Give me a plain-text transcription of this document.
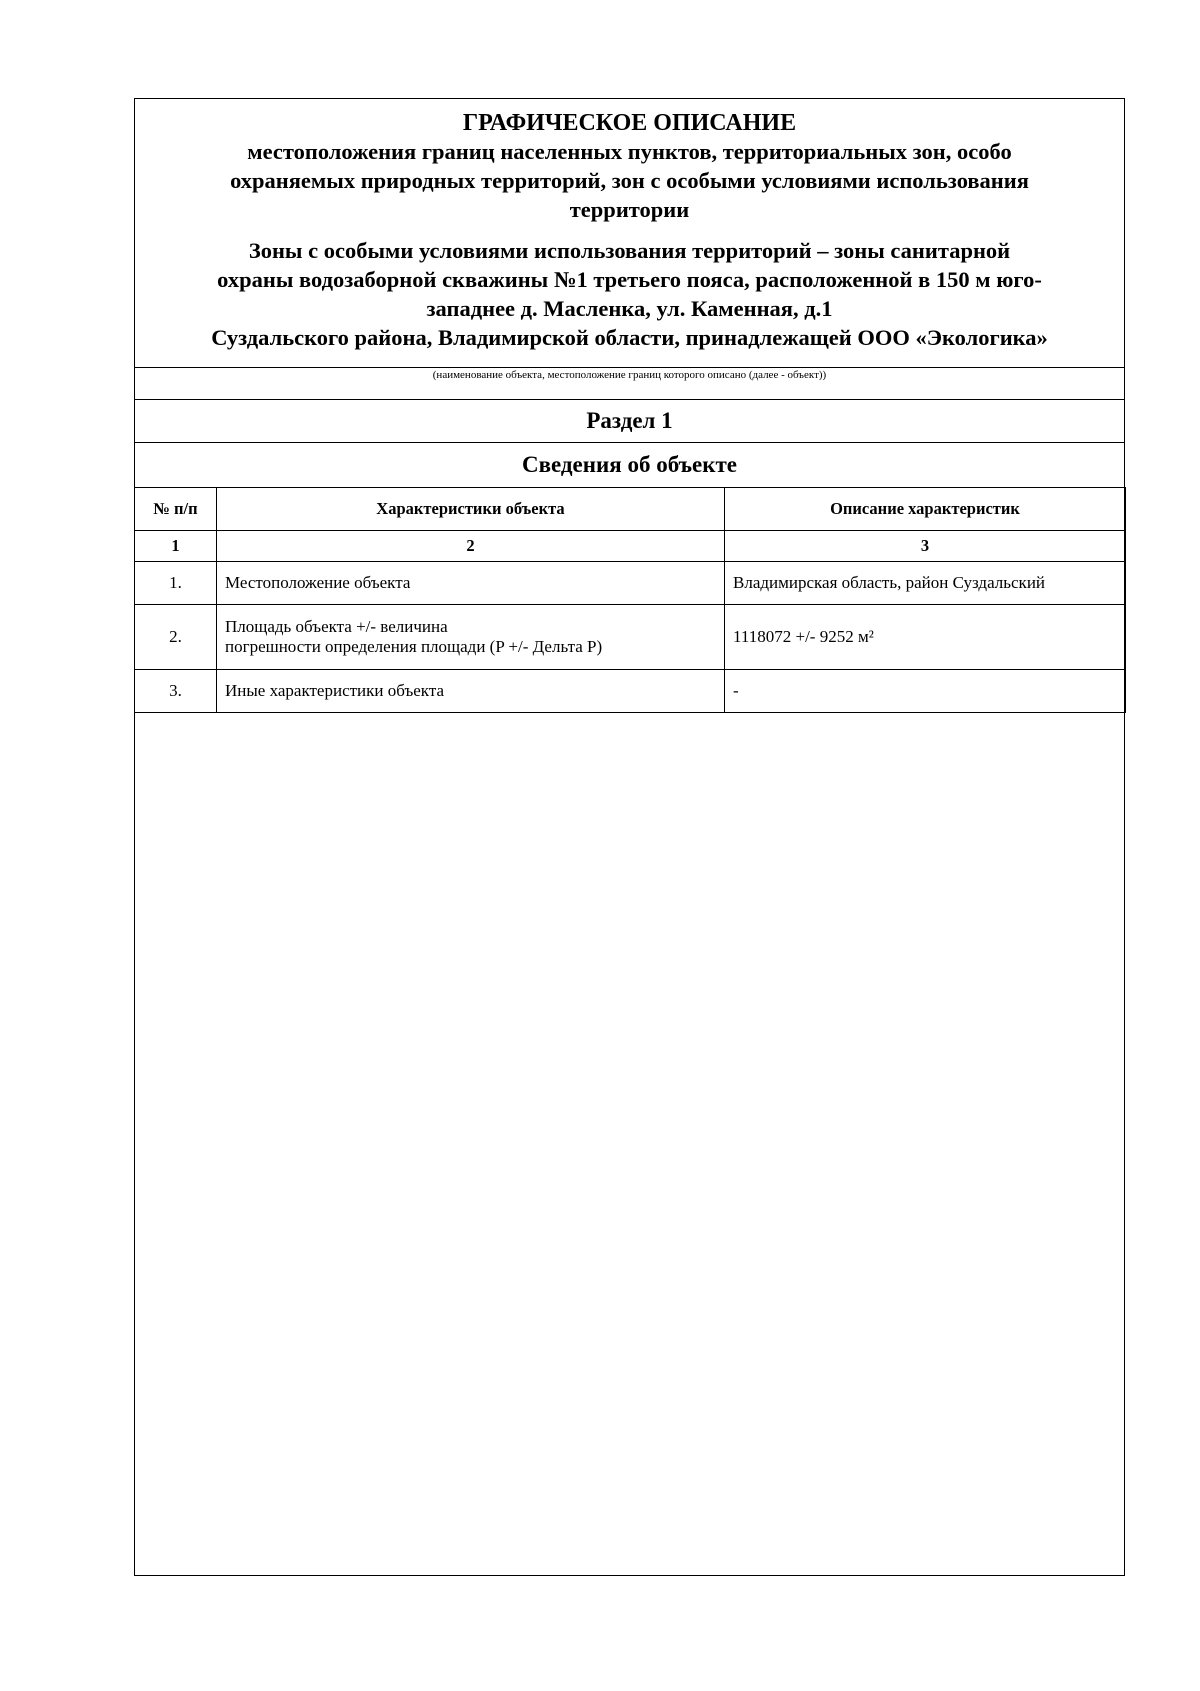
ГРАФИЧЕСКОЕ ОПИСАНИЕ
местоположения границ населенных пунктов, территориальных зон, особо
охраняемых природных территорий, зон с особыми условиями использования
территории
Зоны с особыми условиями использования территорий – зоны санитарной
охраны водозаборной скважины №1 третьего пояса, расположенной в 150 м юго-
западнее д. Масленка, ул. Каменная, д.1
Суздальского района, Владимирской области, принадлежащей ООО «Экологика»
(наименование объекта, местоположение границ которого описано (далее - объект))
Раздел 1
Сведения об объекте
№ п/п	Характеристики объекта	Описание характеристик
1	2	3
1.	Местоположение объекта	Владимирская область, район Суздальский
2.	Площадь объекта +/- величина
погрешности определения площади (P +/- Дельта P)	1118072 +/- 9252 м²
3.	Иные характеристики объекта	-
